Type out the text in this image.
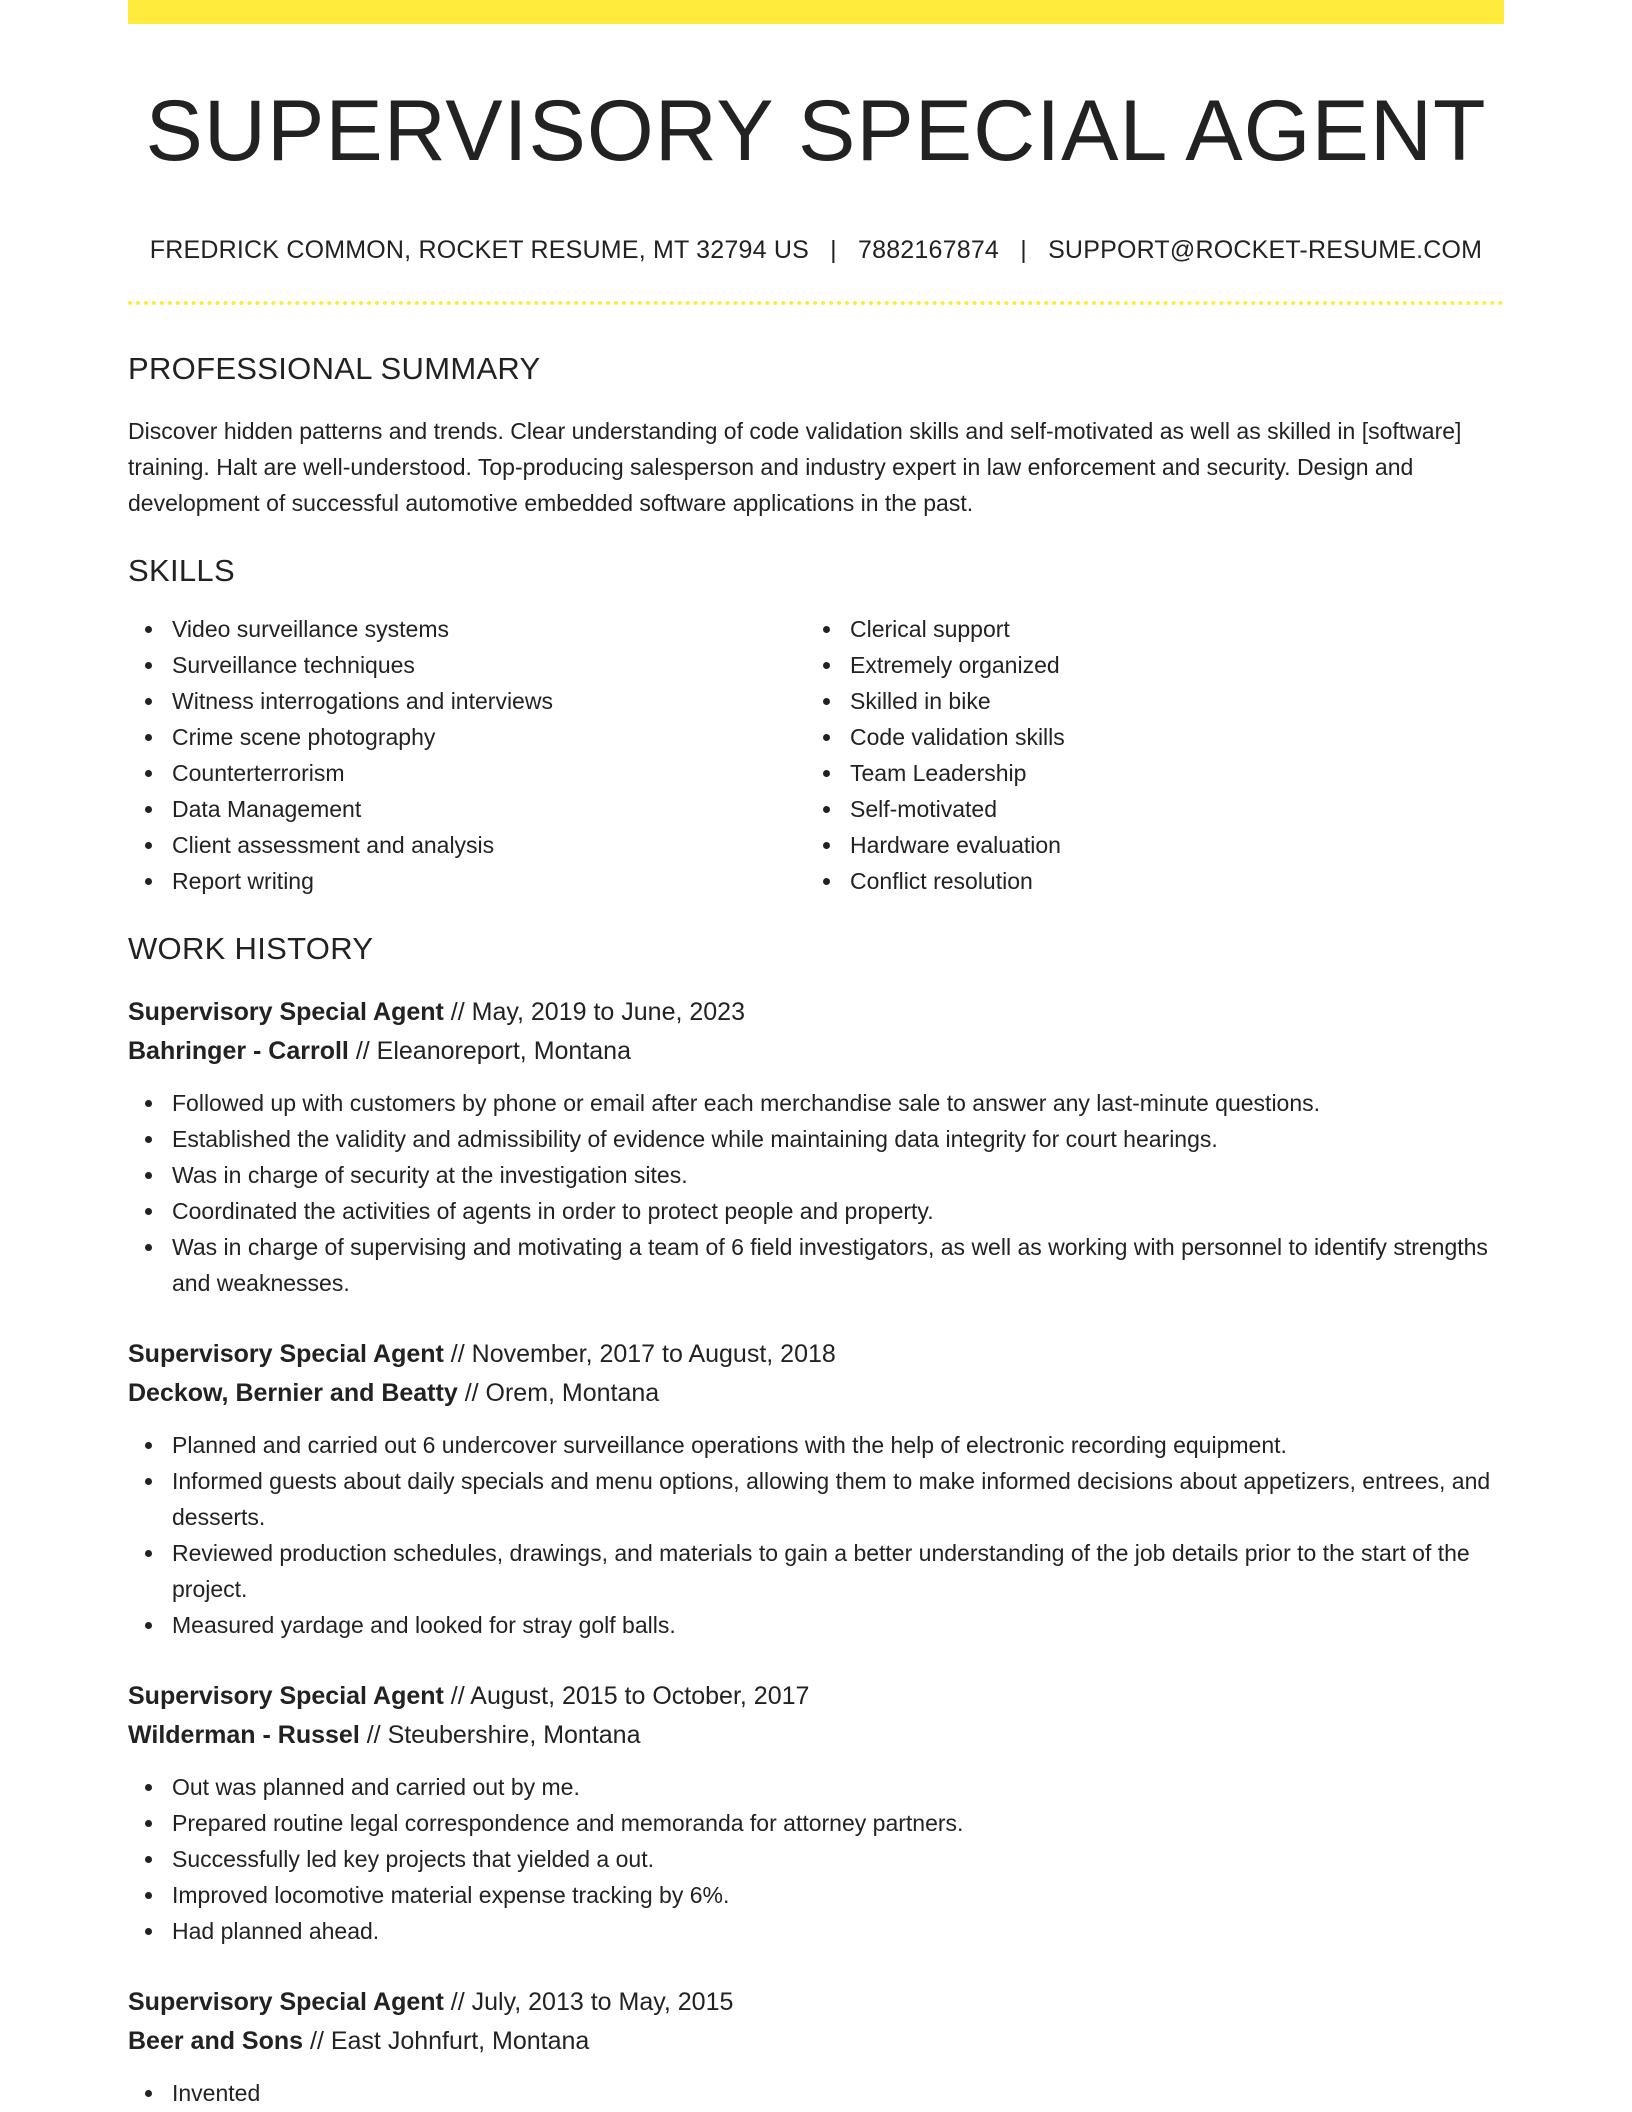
SUPERVISORY SPECIAL AGENT
FREDRICK COMMON, ROCKET RESUME, MT 32794 US | 7882167874 | SUPPORT@ROCKET-RESUME.COM
PROFESSIONAL SUMMARY

Discover hidden patterns and trends. Clear understanding of code validation skills and self-motivated as well as skilled in [software] training. Halt are well-understood. Top-producing salesperson and industry expert in law enforcement and security. Design and development of successful automotive embedded software applications in the past.

SKILLS
Video surveillance systems
Surveillance techniques
Witness interrogations and interviews
Crime scene photography
Counterterrorism
Data Management
Client assessment and analysis
Report writing
Clerical support
Extremely organized
Skilled in bike
Code validation skills
Team Leadership
Self-motivated
Hardware evaluation
Conflict resolution
WORK HISTORY
Supervisory Special Agent // May, 2019 to June, 2023
Bahringer - Carroll // Eleanoreport, Montana
Followed up with customers by phone or email after each merchandise sale to answer any last-minute questions.
Established the validity and admissibility of evidence while maintaining data integrity for court hearings.
Was in charge of security at the investigation sites.
Coordinated the activities of agents in order to protect people and property.
Was in charge of supervising and motivating a team of 6 field investigators, as well as working with personnel to identify strengths and weaknesses.
Supervisory Special Agent // November, 2017 to August, 2018
Deckow, Bernier and Beatty // Orem, Montana
Planned and carried out 6 undercover surveillance operations with the help of electronic recording equipment.
Informed guests about daily specials and menu options, allowing them to make informed decisions about appetizers, entrees, and desserts.
Reviewed production schedules, drawings, and materials to gain a better understanding of the job details prior to the start of the project.
Measured yardage and looked for stray golf balls.
Supervisory Special Agent // August, 2015 to October, 2017
Wilderman - Russel // Steubershire, Montana
Out was planned and carried out by me.
Prepared routine legal correspondence and memoranda for attorney partners.
Successfully led key projects that yielded a out.
Improved locomotive material expense tracking by 6%.
Had planned ahead.
Supervisory Special Agent // July, 2013 to May, 2015
Beer and Sons // East Johnfurt, Montana
Invented
